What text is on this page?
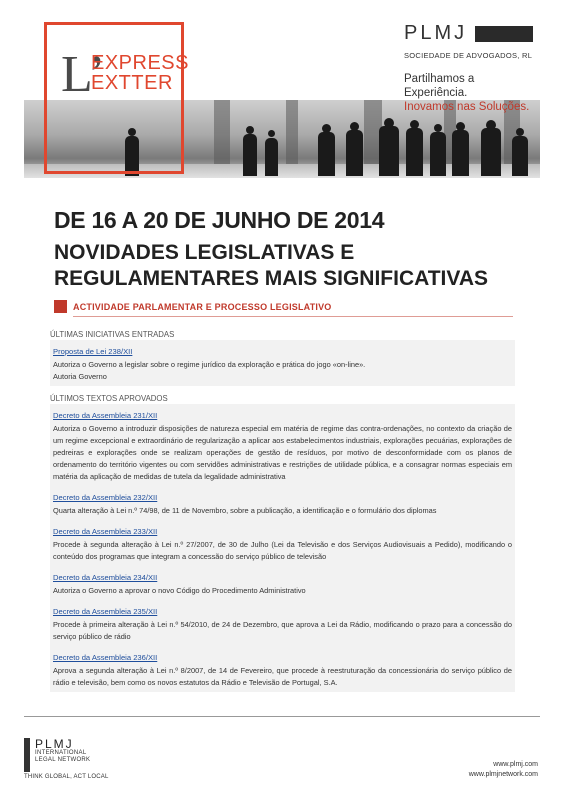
L’
EXPRESS
EXTTER
PLMJ
SOCIEDADE DE ADVOGADOS, RL
Partilhamos a Experiência.
Inovamos nas Soluções.
DE 16 A 20 DE JUNHO DE 2014
NOVIDADES LEGISLATIVAS E
REGULAMENTARES MAIS SIGNIFICATIVAS
ACTIVIDADE PARLAMENTAR E PROCESSO LEGISLATIVO
ÚLTIMAS INICIATIVAS ENTRADAS
Proposta de Lei 238/XII
Autoriza o Governo a legislar sobre o regime jurídico da exploração e prática do jogo «on-line».
Autoria Governo
ÚLTIMOS TEXTOS APROVADOS
Decreto da Assembleia 231/XII
Autoriza o Governo a introduzir disposições de natureza especial em matéria de regime das contra-ordenações, no contexto da criação de um regime excepcional e extraordinário de regularização a aplicar aos estabelecimentos industriais, explorações pecuárias, explorações de pedreiras e explorações onde se realizam operações de gestão de resíduos, por motivo de desconformidade com os planos de ordenamento do território vigentes ou com servidões administrativas e restrições de utilidade pública, e a consagrar normas especiais em matéria da aplicação de medidas de tutela da legalidade administrativa
Decreto da Assembleia 232/XII
Quarta alteração à Lei n.º 74/98, de 11 de Novembro, sobre a publicação, a identificação e o formulário dos diplomas
Decreto da Assembleia 233/XII
Procede à segunda alteração à Lei n.º 27/2007, de 30 de Julho (Lei da Televisão e dos Serviços Audiovisuais a Pedido), modificando o conteúdo dos programas que integram a concessão do serviço público de televisão
Decreto da Assembleia 234/XII
Autoriza o Governo a aprovar o novo Código do Procedimento Administrativo
Decreto da Assembleia 235/XII
Procede à primeira alteração à Lei n.º 54/2010, de 24 de Dezembro, que aprova a Lei da Rádio, modificando o prazo para a concessão do serviço público de rádio
Decreto da Assembleia 236/XII
Aprova a segunda alteração à Lei n.º 8/2007, de 14 de Fevereiro, que procede à reestruturação da concessionária do serviço público de rádio e televisão, bem como os novos estatutos da Rádio e Televisão de Portugal, S.A.
PLMJ
INTERNATIONAL
LEGAL NETWORK
THINK GLOBAL, ACT LOCAL
www.plmj.com
www.plmjnetwork.com
